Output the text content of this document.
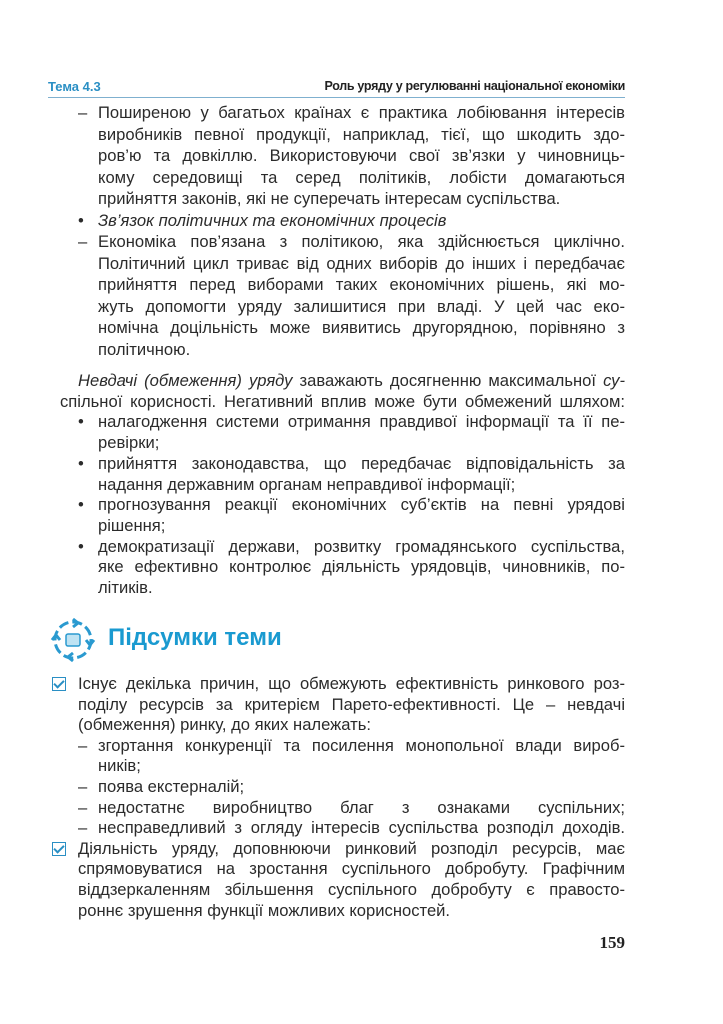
Тема 4.3	Роль уряду у регулюванні національної економіки
– Поширеною у багатьох країнах є практика лобіювання інтересів
виробників певної продукції, наприклад, тієї, що шкодить здо-
ров’ю та довкіллю. Використовуючи свої зв’язки у чиновниць-
кому середовищі та серед політиків, лобісти домагаються
прийняття законів, які не суперечать інтересам суспільства.
• Зв’язок політичних та економічних процесів
– Економіка пов’язана з політикою, яка здійснюється циклічно.
Політичний цикл триває від одних виборів до інших і передбачає
прийняття перед виборами таких економічних рішень, які мо-
жуть допомогти уряду залишитися при владі. У цей час еко-
номічна доцільність може виявитись другорядною, порівняно з
політичною.
Невдачі (обмеження) уряду заважають досягненню максимальної су-
спільної корисності. Негативний вплив може бути обмежений шляхом:
• налагодження системи отримання правдивої інформації та її пе-
ревірки;
• прийняття законодавства, що передбачає відповідальність за
надання державним органам неправдивої інформації;
• прогнозування реакції економічних суб’єктів на певні урядові
рішення;
• демократизації держави, розвитку громадянського суспільства,
яке ефективно контролює діяльність урядовців, чиновників, по-
літиків.
Існує декілька причин, що обмежують ефективність ринкового роз-
поділу ресурсів за критерієм Парето-ефективності. Це – невдачі
(обмеження) ринку, до яких належать:
– згортання конкуренції та посилення монопольної влади вироб-
ників;
– поява екстерналій;
– недостатнє виробництво благ з ознаками суспільних;
– несправедливий з огляду інтересів суспільства розподіл доходів.
Діяльність уряду, доповнюючи ринковий розподіл ресурсів, має
спрямовуватися на зростання суспільного добробуту. Графічним
віддзеркаленням збільшення суспільного добробуту є правосто-
роннє зрушення функції можливих корисностей.
Підсумки теми
159
